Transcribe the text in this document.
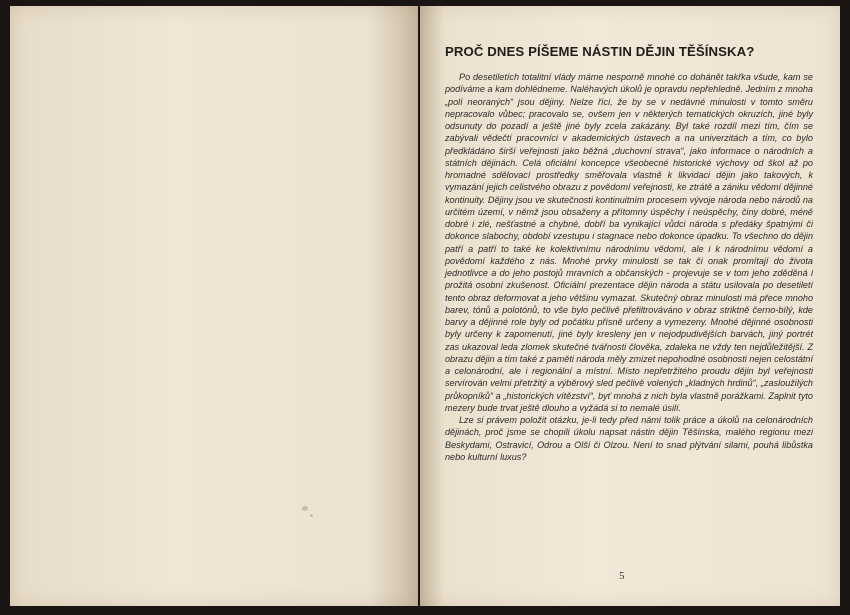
PROČ DNES PÍŠEME NÁSTIN DĚJIN TĚŠÍNSKA?

Po desetiletích totalitní vlády máme nesporně mnohé co dohánět takřka všude, kam se podíváme a kam dohlédneme. Naléhavých úkolů je opravdu nepřehledně. Jedním z mnoha „polí neoraných“ jsou dějiny. Nelze říci, že by se v nedávné minulosti v tomto směru nepracovalo vůbec; pracovalo se, ovšem jen v některých tematických okruzích, jiné byly odsunuty do pozadí a ještě jiné byly zcela zakázány. Byl také rozdíl mezi tím, čím se zabývali vědečtí pracovníci v akademických ústavech a na univerzitách a tím, co bylo předkládáno širší veřejnosti jako běžná „duchovní strava“, jako informace o národních a státních dějinách. Celá oficiální koncepce všeobecné historické výchovy od škol až po hromadné sdělovací prostředky směřovala vlastně k likvidaci dějin jako takových, k vymazání jejich celistvého obrazu z povědomí veřejnosti, ke ztrátě a zániku vědomí dějinné kontinuity. Dějiny jsou ve skutečnosti kontinuitním procesem vývoje národa nebo národů na určitém území, v němž jsou obsaženy a přítomny úspěchy i neúspěchy, činy dobré, méně dobré i zlé, nešťastné a chybné, dobří ba vynikající vůdci národa s předáky špatnými či dokonce slabochy, období vzestupu i stagnace nebo dokonce úpadku. To všechno do dějin patří a patří to také ke kolektivnímu národnímu vědomí, ale i k národnímu vědomí a povědomí každého z nás. Mnohé prvky minulosti se tak či onak promítají do života jednotlivce a do jeho postojů mravních a občanských - projevuje se v tom jeho zděděná i prožitá osobní zkušenost. Oficiální prezentace dějin národa a státu usilovala po desetiletí tento obraz deformovat a jeho většinu vymazat. Skutečný obraz minulosti má přece mnoho barev, tónů a polotónů, to vše bylo pečlivě přefiltrováváno v obraz striktně černo-bílý, kde barvy a dějinné role byly od počátku přísně určeny a vymezeny. Mnohé dějinné osobnosti byly určeny k zapomenutí, jiné byly kresleny jen v nejodpudivějších barvách, jiný portrét zas ukazoval leda zlomek skutečné tvářnosti člověka, zdaleka ne vždy ten nejdůležitější. Z obrazu dějin a tím také z paměti národa měly zmizet nepohodlné osobnosti nejen celostátní a celonárodní, ale i regionální a místní. Místo nepřetržitého proudu dějin byl veřejnosti servírován velmi přetržitý a výběrový sled pečlivě volených „kladných hrdinů“, „zasloužilých průkopníků“ a „historických vítězství“, byť mnohá z nich byla vlastně porážkami. Zaplnit tyto mezery bude trvat ještě dlouho a vyžádá si to nemalé úsilí.

Lze si právem položit otázku, je-li tedy před námi tolik práce a úkolů na celonárodních dějinách, proč jsme se chopili úkolu napsat nástin dějin Těšínska, malého regionu mezi Beskydami, Ostravicí, Odrou a Olší či Olzou. Není to snad plýtvání silami, pouhá libůstka nebo kulturní luxus?

5
